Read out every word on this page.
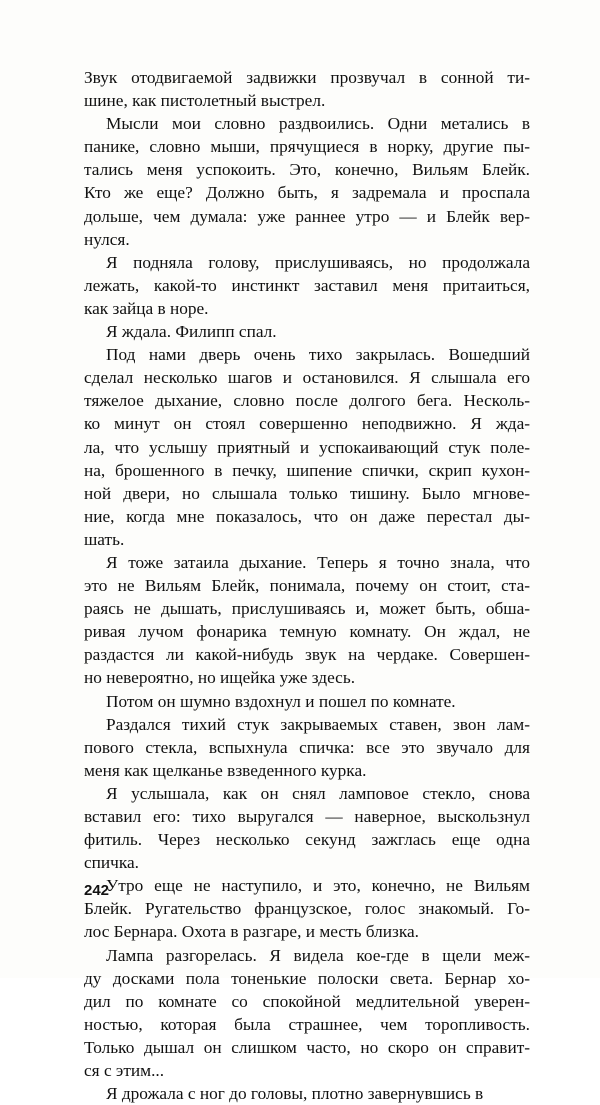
Звук отодвигаемой задвижки прозвучал в сонной ти-
шине, как пистолетный выстрел.
Мысли мои словно раздвоились. Одни метались в
панике, словно мыши, прячущиеся в норку, другие пы-
тались меня успокоить. Это, конечно, Вильям Блейк.
Кто же еще? Должно быть, я задремала и проспала
дольше, чем думала: уже раннее утро — и Блейк вер-
нулся.
Я подняла голову, прислушиваясь, но продолжала
лежать, какой-то инстинкт заставил меня притаиться,
как зайца в норе.
Я ждала. Филипп спал.
Под нами дверь очень тихо закрылась. Вошедший
сделал несколько шагов и остановился. Я слышала его
тяжелое дыхание, словно после долгого бега. Несколь-
ко минут он стоял совершенно неподвижно. Я жда-
ла, что услышу приятный и успокаивающий стук поле-
на, брошенного в печку, шипение спички, скрип кухон-
ной двери, но слышала только тишину. Было мгнове-
ние, когда мне показалось, что он даже перестал ды-
шать.
Я тоже затаила дыхание. Теперь я точно знала, что
это не Вильям Блейк, понимала, почему он стоит, ста-
раясь не дышать, прислушиваясь и, может быть, обша-
ривая лучом фонарика темную комнату. Он ждал, не
раздастся ли какой-нибудь звук на чердаке. Совершен-
но невероятно, но ищейка уже здесь.
Потом он шумно вздохнул и пошел по комнате.
Раздался тихий стук закрываемых ставен, звон лам-
пового стекла, вспыхнула спичка: все это звучало для
меня как щелканье взведенного курка.
Я услышала, как он снял ламповое стекло, снова
вставил его: тихо выругался — наверное, выскользнул
фитиль. Через несколько секунд зажглась еще одна
спичка.
Утро еще не наступило, и это, конечно, не Вильям
Блейк. Ругательство французское, голос знакомый. Го-
лос Бернара. Охота в разгаре, и месть близка.
Лампа разгорелась. Я видела кое-где в щели меж-
ду досками пола тоненькие полоски света. Бернар хо-
дил по комнате со спокойной медлительной уверен-
ностью, которая была страшнее, чем торопливость.
Только дышал он слишком часто, но скоро он справит-
ся с этим...
Я дрожала с ног до головы, плотно завернувшись в
242
